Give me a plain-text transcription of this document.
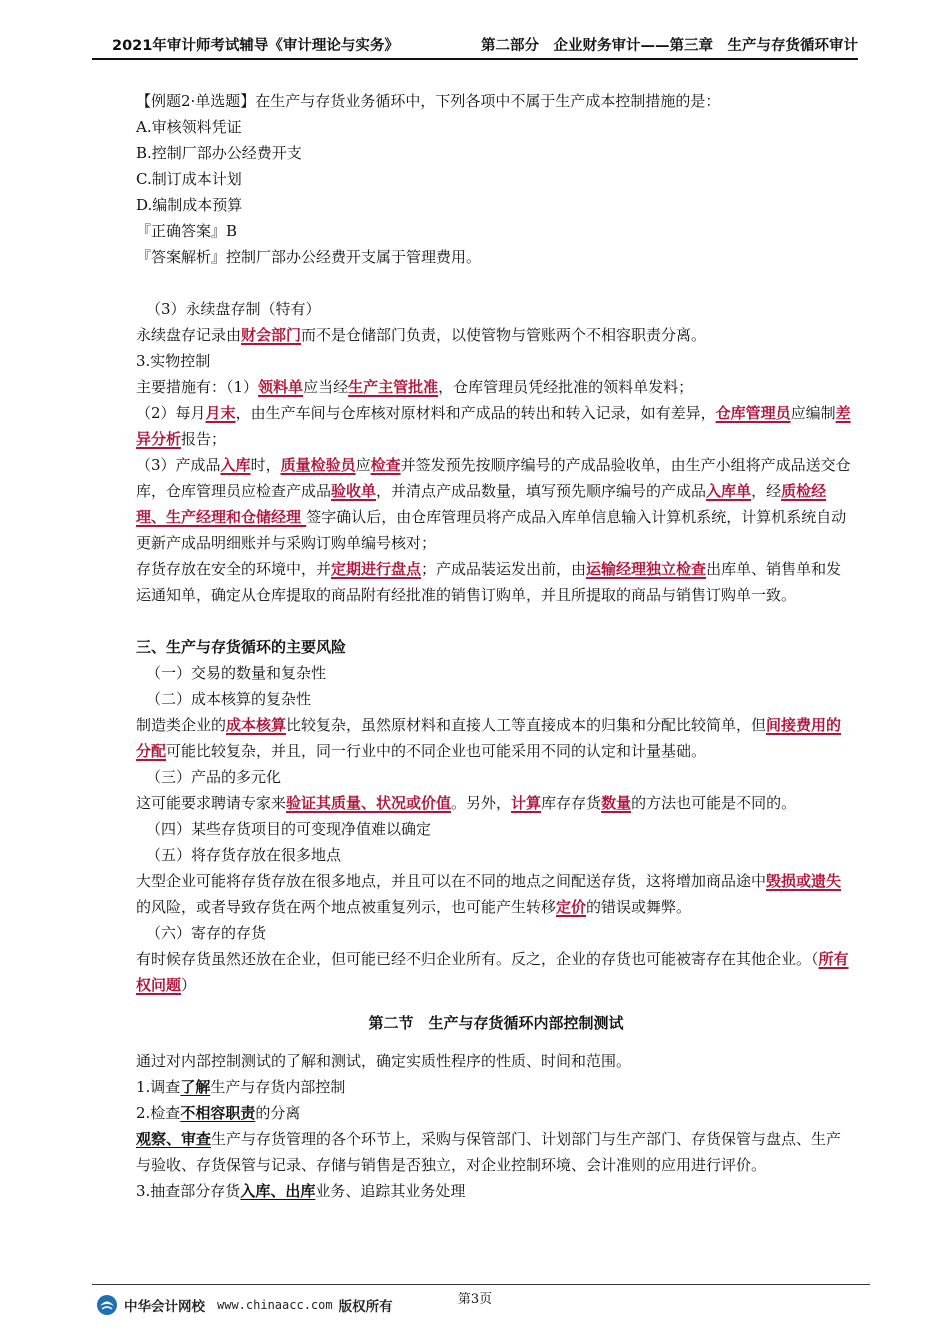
2021年审计师考试辅导《审计理论与实务》	第二部分　企业财务审计——第三章　生产与存货循环审计

【例题2·单选题】在生产与存货业务循环中，下列各项中不属于生产成本控制措施的是：

A.审核领料凭证

B.控制厂部办公经费开支

C.制订成本计划

D.编制成本预算

『正确答案』B

『答案解析』控制厂部办公经费开支属于管理费用。

（3）永续盘存制（特有）

永续盘存记录由财会部门而不是仓储部门负责，以使管物与管账两个不相容职责分离。

3.实物控制

主要措施有：（1）领料单应当经生产主管批准，仓库管理员凭经批准的领料单发料；

（2）每月月末，由生产车间与仓库核对原材料和产成品的转出和转入记录，如有差异，仓库管理员应编制差异分析报告；

（3）产成品入库时，质量检验员应检查并签发预先按顺序编号的产成品验收单，由生产小组将产成品送交仓库，仓库管理员应检查产成品验收单，并清点产成品数量，填写预先顺序编号的产成品入库单，经质检经理、生产经理和仓储经理 签字确认后，由仓库管理员将产成品入库单信息输入计算机系统，计算机系统自动更新产成品明细账并与采购订购单编号核对；

存货存放在安全的环境中，并定期进行盘点；产成品装运发出前，由运输经理独立检查出库单、销售单和发运通知单，确定从仓库提取的商品附有经批准的销售订购单，并且所提取的商品与销售订购单一致。

三、生产与存货循环的主要风险

（一）交易的数量和复杂性

（二）成本核算的复杂性

制造类企业的成本核算比较复杂，虽然原材料和直接人工等直接成本的归集和分配比较简单，但间接费用的分配可能比较复杂，并且，同一行业中的不同企业也可能采用不同的认定和计量基础。

（三）产品的多元化

这可能要求聘请专家来验证其质量、状况或价值。另外，计算库存存货数量的方法也可能是不同的。

（四）某些存货项目的可变现净值难以确定

（五）将存货存放在很多地点

大型企业可能将存货存放在很多地点，并且可以在不同的地点之间配送存货，这将增加商品途中毁损或遗失的风险，或者导致存货在两个地点被重复列示，也可能产生转移定价的错误或舞弊。

（六）寄存的存货

有时候存货虽然还放在企业，但可能已经不归企业所有。反之，企业的存货也可能被寄存在其他企业。（所有权问题）

第二节　生产与存货循环内部控制测试

通过对内部控制测试的了解和测试，确定实质性程序的性质、时间和范围。

1.调查了解生产与存货内部控制

2.检查不相容职责的分离

观察、审查生产与存货管理的各个环节上，采购与保管部门、计划部门与生产部门、存货保管与盘点、生产与验收、存货保管与记录、存储与销售是否独立，对企业控制环境、会计准则的应用进行评价。

3.抽查部分存货入库、出库业务、追踪其业务处理

第3页
中华会计网校 www.chinaacc.com 版权所有
